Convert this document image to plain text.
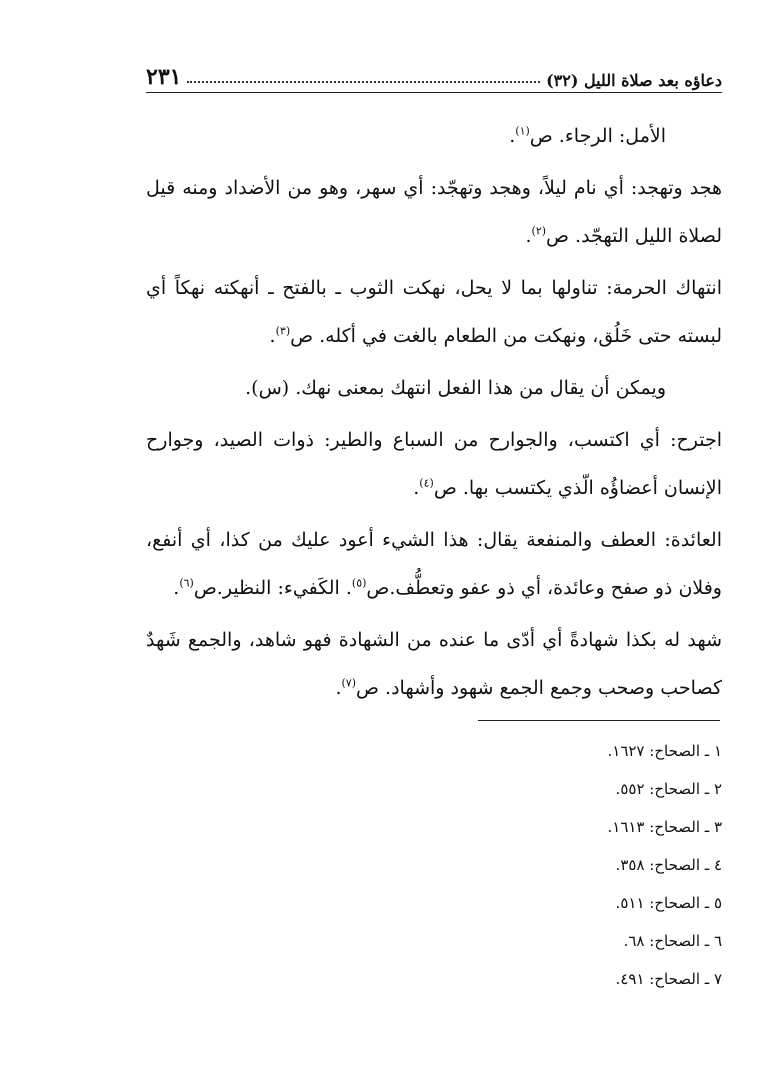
دعاؤه بعد صلاة الليل (٣٢)
٢٣١

الأمل: الرجاء. ص$^{(١)}$.

هجد وتهجد: أي نام ليلاً، وهجد وتهجّد: أي سهر، وهو من الأضداد ومنه قيل لصلاة الليل التهجّد. ص$^{(٢)}$.

انتهاك الحرمة: تناولها بما لا يحل، نهكت الثوب ـ بالفتح ـ أنهكته نهكاً أي لبسته حتى خَلُق، ونهكت من الطعام بالغت في أكله. ص$^{(٣)}$.

ويمكن أن يقال من هذا الفعل انتهك بمعنى نهك. (س).

اجترح: أي اكتسب، والجوارح من السباع والطير: ذوات الصيد، وجوارح الإنسان أعضاؤُه الّذي يكتسب بها. ص$^{(٤)}$.

العائدة: العطف والمنفعة يقال: هذا الشيء أعود عليك من كذا، أي أنفع، وفلان ذو صفح وعائدة، أي ذو عفو وتعطُّف.ص$^{(٥)}$. الكَفيء: النظير.ص$^{(٦)}$.

شهد له بكذا شهادةً أي أدّى ما عنده من الشهادة فهو شاهد، والجمع شَهدٌ كصاحب وصحب وجمع الجمع شهود وأشهاد. ص$^{(٧)}$.

١ ـ الصحاح: ١٦٢٧.
٢ ـ الصحاح: ٥٥٢.
٣ ـ الصحاح: ١٦١٣.
٤ ـ الصحاح: ٣٥٨.
٥ ـ الصحاح: ٥١١.
٦ ـ الصحاح: ٦٨.
٧ ـ الصحاح: ٤٩١.
